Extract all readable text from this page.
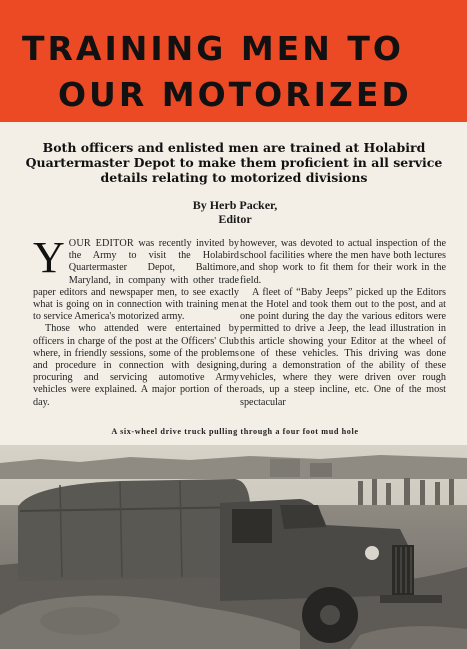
TRAINING MEN TO
OUR MOTORIZED
Both officers and enlisted men are trained at Holabird Quartermaster Depot to make them proficient in all service details relating to motorized divisions
By Herb Packer,
Editor

YOUR EDITOR was recently invited by the Army to visit the Holabird Quartermaster Depot, Baltimore, Maryland, in company with other trade paper editors and newspaper men, to see exactly what is going on in connection with training men to service America's motorized army.

Those who attended were entertained by officers in charge of the post at the Officers' Club where, in friendly sessions, some of the problems and procedure in connection with designing, procuring and servicing automotive Army vehicles were explained. A major portion of the day.

however, was devoted to actual inspection of the school facilities where the men have both lectures and shop work to fit them for their work in the field.

A fleet of “Baby Jeeps” picked up the Editors at the Hotel and took them out to the post, and at one point during the day the various editors were permitted to drive a Jeep, the lead illustration in this article showing your Editor at the wheel of one of these vehicles. This driving was done during a demonstration of the ability of these vehicles, where they were driven over rough roads, up a steep incline, etc. One of the most spectacular

A six-wheel drive truck pulling through a four foot mud hole
